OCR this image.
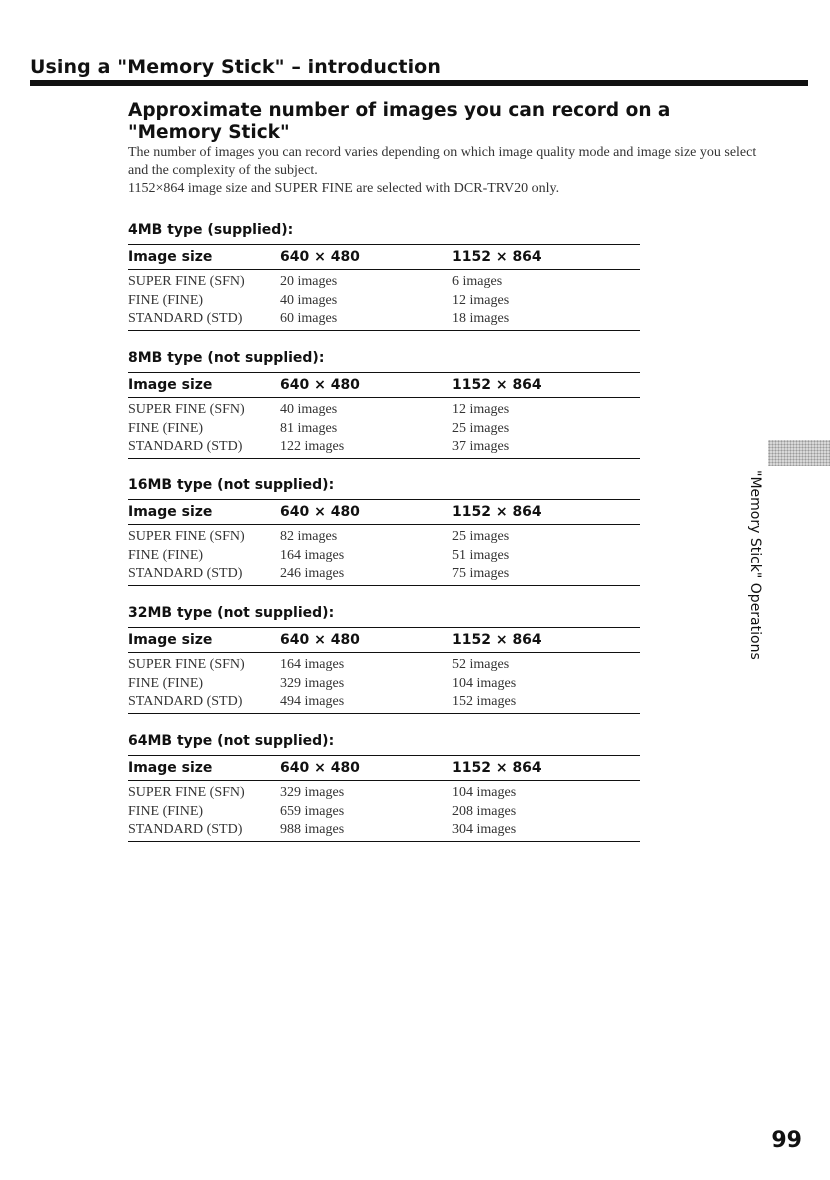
Using a "Memory Stick" – introduction
Approximate number of images you can record on a "Memory Stick"

The number of images you can record varies depending on which image quality mode and image size you select and the complexity of the subject.

1152×864 image size and SUPER FINE are selected with DCR-TRV20 only.

4MB type (supplied):
Image size	640 × 480	1152 × 864
SUPER FINE (SFN)	20 images	6 images
FINE (FINE)	40 images	12 images
STANDARD (STD)	60 images	18 images
8MB type (not supplied):
Image size	640 × 480	1152 × 864
SUPER FINE (SFN)	40 images	12 images
FINE (FINE)	81 images	25 images
STANDARD (STD)	122 images	37 images
16MB type (not supplied):
Image size	640 × 480	1152 × 864
SUPER FINE (SFN)	82 images	25 images
FINE (FINE)	164 images	51 images
STANDARD (STD)	246 images	75 images
32MB type (not supplied):
Image size	640 × 480	1152 × 864
SUPER FINE (SFN)	164 images	52 images
FINE (FINE)	329 images	104 images
STANDARD (STD)	494 images	152 images
64MB type (not supplied):
Image size	640 × 480	1152 × 864
SUPER FINE (SFN)	329 images	104 images
FINE (FINE)	659 images	208 images
STANDARD (STD)	988 images	304 images
"Memory Stick" Operations
99
